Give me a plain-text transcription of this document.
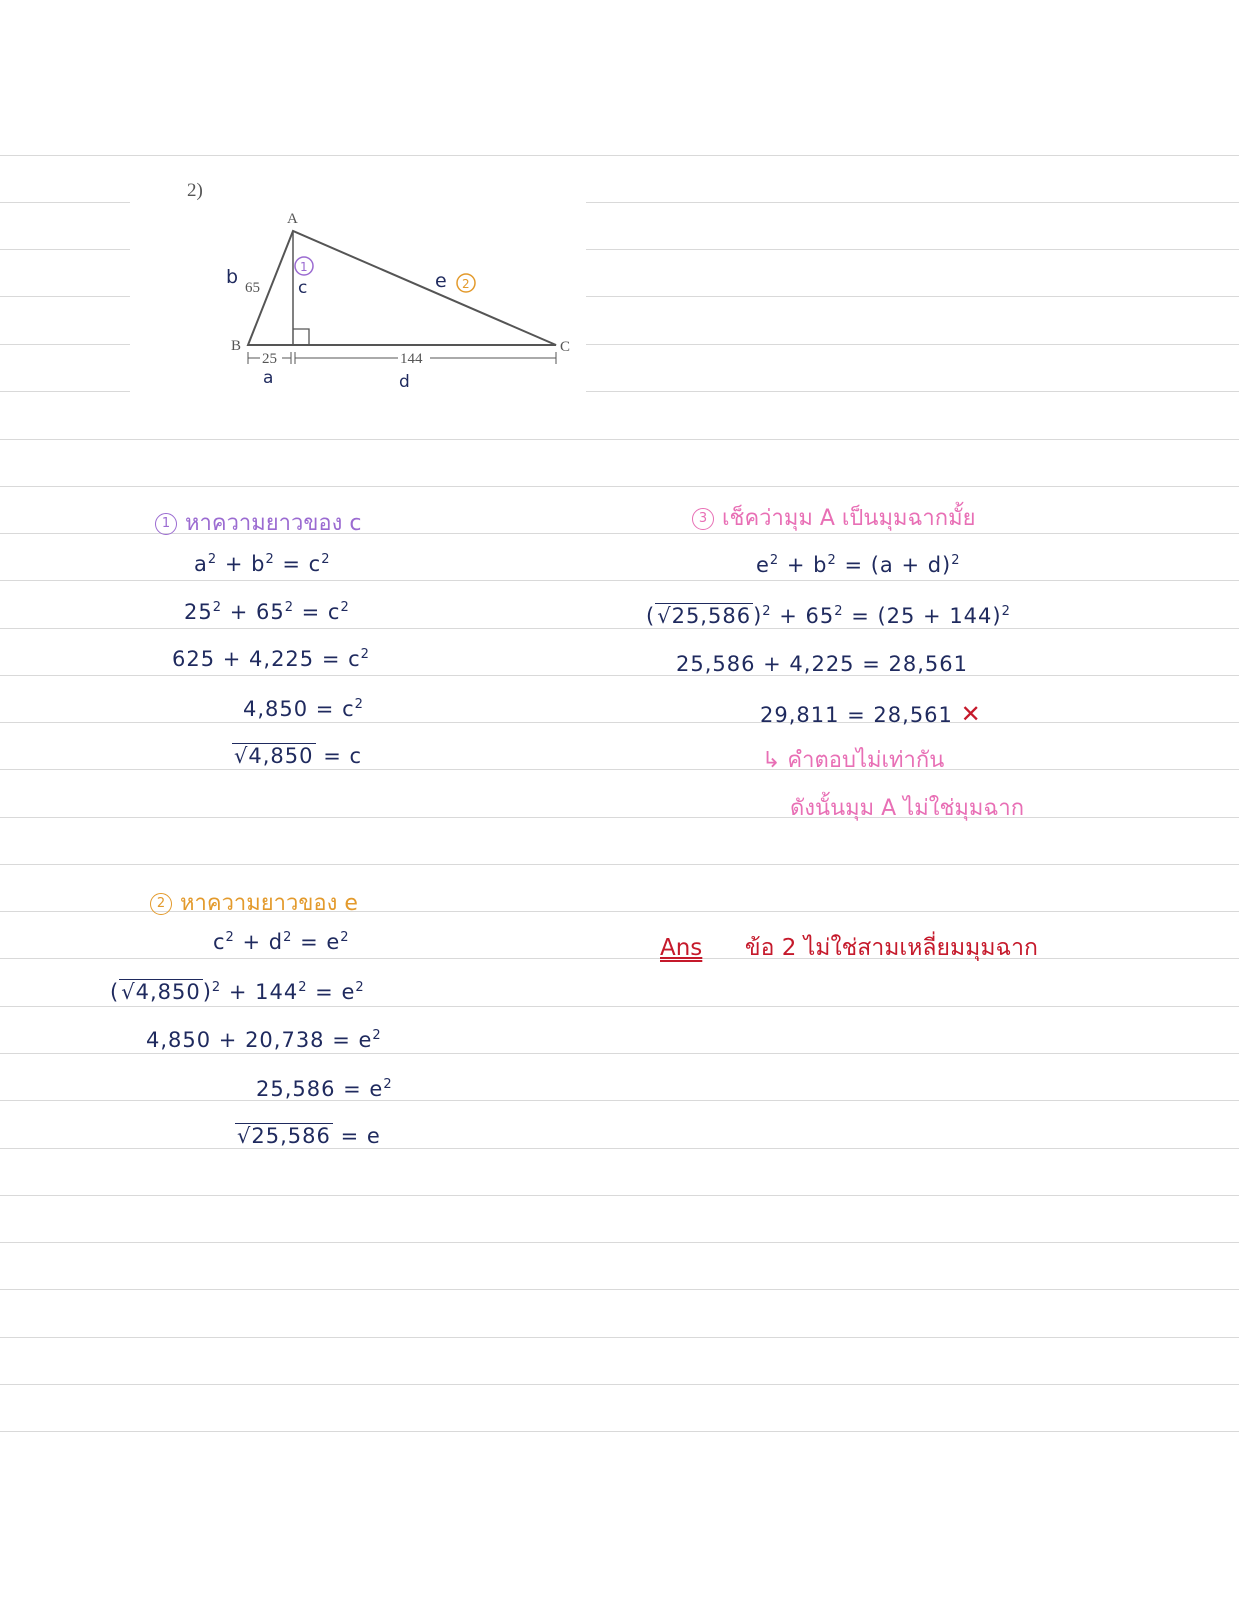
2)
A
B	C
65
25	144
b	c
1
e 2
a	d
1 หาความยาวของ c
$a^2 + b^2 = c^2$
$25^2 + 65^2 = c^2$
$625 + 4,225 = c^2$
$4,850 = c^2$
√4,850 = c
2 หาความยาวของ e
$c^2 + d^2 = e^2$
$(√4,850)^2 + 144^2 = e^2$
$4,850 + 20,738 = e^2$
$25,586 = e^2$
√25,586 = e
3 เช็คว่ามุม A เป็นมุมฉากมั้ย
$e^2 + b^2 = (a + d)^2$
$(√25,586)^2 + 65^2 = (25 + 144)^2$
25,586 + 4,225 = 28,561
29,811 = 28,561 ✕
↳ คำตอบไม่เท่ากัน
ดังนั้นมุม A ไม่ใช่มุมฉาก
Ans ข้อ 2 ไม่ใช่สามเหลี่ยมมุมฉาก
